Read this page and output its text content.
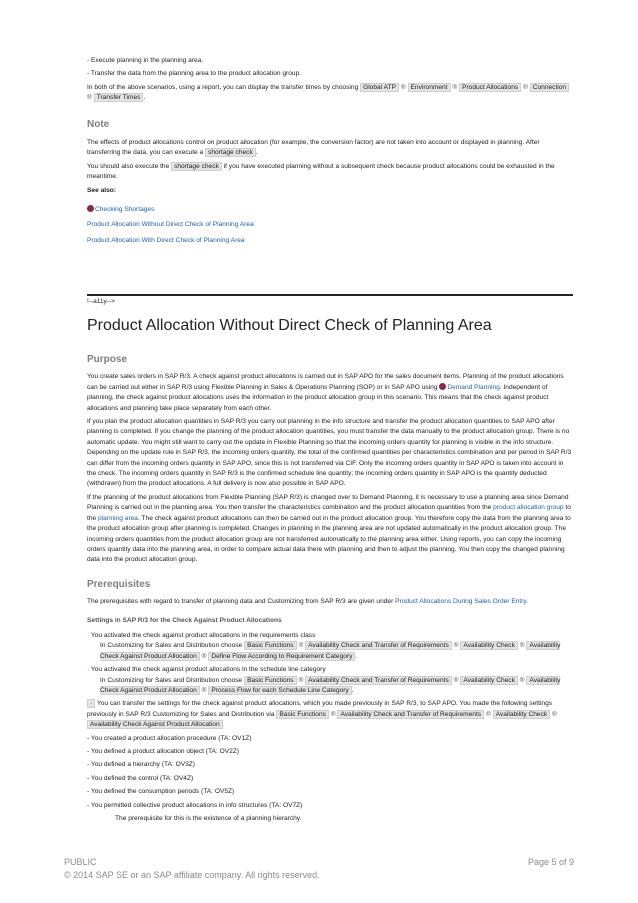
- Execute planning in the planning area.
- Transfer the data from the planning area to the product allocation group.
In both of the above scenarios, using a report, you can display the transfer times by choosing Global ATP ® Environment ® Product Allocations ® Connection ® Transfer Times .
Note
The effects of product allocations control on product allocation (for example, the conversion factor) are not taken into account or displayed in planning. After transferring the data, you can execute a shortage check .
You should also execute the shortage check if you have executed planning without a subsequent check because product allocations could be exhausted in the meantime.
See also:
Checking Shortages
Product Allocation Without Direct Check of Planning Area
Product Allocation With Direct Check of Planning Area
!--a11y-->
Product Allocation Without Direct Check of Planning Area
Purpose
You create sales orders in SAP R/3. A check against product allocations is carried out in SAP APO for the sales document items. Planning of the product allocations can be carried out either in SAP R/3 using Flexible Planning in Sales & Operations Planning (SOP) or in SAP APO using Demand Planning. Independent of planning, the check against product allocations uses the information in the product allocation group in this scenario. This means that the check against product allocations and planning take place separately from each other.
If you plan the product allocation quantities in SAP R/3 you carry out planning in the info structure and transfer the product allocation quantities to SAP APO after planning is completed. If you change the planning of the product allocation quantities, you must transfer the data manually to the product allocation group. There is no automatic update. You might still want to carry out the update in Flexible Planning so that the incoming orders quantity for planning is visible in the info structure. Depending on the update rule in SAP R/3, the incoming orders quantity, the total of the confirmed quantities per characteristics combination and per period in SAP R/3 can differ from the incoming orders quantity in SAP APO, since this is not transferred via CIF. Only the incoming orders quantity in SAP APO is taken into account in the check. The incoming orders quantity in SAP R/3 is the confirmed schedule line quantity; the incoming orders quantity in SAP APO is the quantity deducted (withdrawn) from the product allocations. A full delivery is now also possible in SAP APO.
If the planning of the product allocations from Flexible Planning (SAP R/3) is changed over to Demand Planning, it is necessary to use a planning area since Demand Planning is carried out in the planning area. You then transfer the characteristics combination and the product allocation quantities from the product allocation group to the planning area. The check against product allocations can then be carried out in the product allocation group. You therefore copy the data from the planning area to the product allocation group after planning is completed. Changes in planning in the planning area are not updated automatically in the product allocation group. The incoming orders quantities from the product allocation group are not transferred automatically to the planning area either. Using reports, you can copy the incoming orders quantity data into the planning area, in order to compare actual data there with planning and then to adjust the planning. You then copy the changed planning data into the product allocation group.
Prerequisites
The prerequisites with regard to transfer of planning data and Customizing from SAP R/3 are given under Product Allocations During Sales Order Entry.
Settings in SAP R/3 for the Check Against Product Allocations
· You activated the check against product allocations in the requirements class
In Customizing for Sales and Distribution choose Basic Functions ® Availability Check and Transfer of Requirements ® Availability Check ® Availability Check Against Product Allocation ® Define Flow According to Requirement Category .
· You activated the check against product allocations in the schedule line category
In Customizing for Sales and Distribution choose Basic Functions ® Availability Check and Transfer of Requirements ® Availability Check ® Availability Check Against Product Allocation ® Process Flow for each Schedule Line Category .
· You can transfer the settings for the check against product allocations, which you made previously in SAP R/3, to SAP APO. You made the following settings previously in SAP R/3 Customizing for Sales and Distribution via Basic Functions ® Availability Check and Transfer of Requirements ® Availability Check ® Availability Check Against Product Allocation
- You created a product allocation procedure (TA: OV1Z)
- You defined a product allocation object (TA: OV2Z)
- You defined a hierarchy (TA: OV3Z)
- You defined the control (TA: OV4Z)
- You defined the consumption periods (TA: OV5Z)
- You permitted collective product allocations in info structures (TA: OV7Z)
The prerequisite for this is the existence of a planning hierarchy.
PUBLIC	Page 5 of 9
© 2014 SAP SE or an SAP affiliate company. All rights reserved.
